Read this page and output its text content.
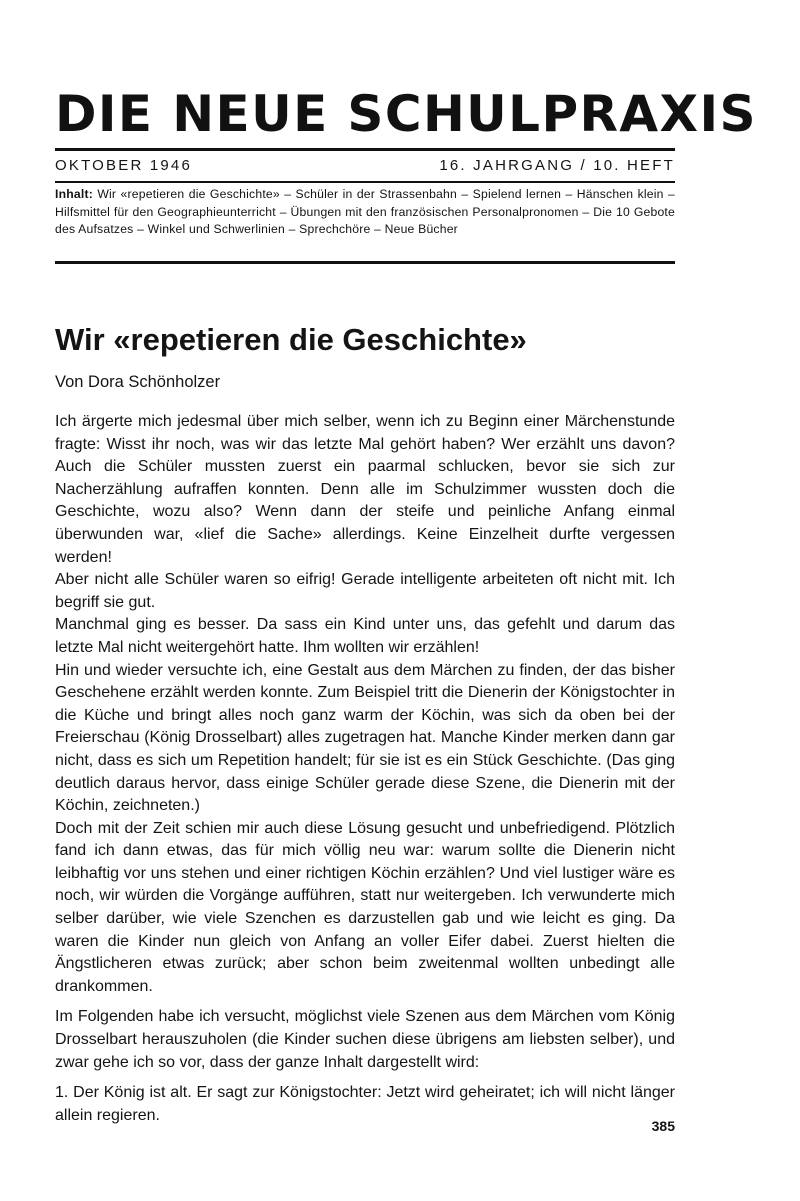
DIE NEUE SCHULPRAXIS
OKTOBER 1946	16. JAHRGANG / 10. HEFT
Inhalt: Wir «repetieren die Geschichte» – Schüler in der Strassenbahn – Spielend lernen – Hänschen klein – Hilfsmittel für den Geographieunterricht – Übungen mit den französischen Personalpronomen – Die 10 Gebote des Aufsatzes – Winkel und Schwerlinien – Sprechchöre – Neue Bücher
Wir «repetieren die Geschichte»
Von Dora Schönholzer

Ich ärgerte mich jedesmal über mich selber, wenn ich zu Beginn einer Märchenstunde fragte: Wisst ihr noch, was wir das letzte Mal gehört haben? Wer erzählt uns davon? Auch die Schüler mussten zuerst ein paarmal schlucken, bevor sie sich zur Nacherzählung aufraffen konnten. Denn alle im Schulzimmer wussten doch die Geschichte, wozu also? Wenn dann der steife und peinliche Anfang einmal überwunden war, «lief die Sache» allerdings. Keine Einzelheit durfte vergessen werden!

Aber nicht alle Schüler waren so eifrig! Gerade intelligente arbeiteten oft nicht mit. Ich begriff sie gut.

Manchmal ging es besser. Da sass ein Kind unter uns, das gefehlt und darum das letzte Mal nicht weitergehört hatte. Ihm wollten wir erzählen!

Hin und wieder versuchte ich, eine Gestalt aus dem Märchen zu finden, der das bisher Geschehene erzählt werden konnte. Zum Beispiel tritt die Dienerin der Königstochter in die Küche und bringt alles noch ganz warm der Köchin, was sich da oben bei der Freierschau (König Drosselbart) alles zugetragen hat. Manche Kinder merken dann gar nicht, dass es sich um Repetition handelt; für sie ist es ein Stück Geschichte. (Das ging deutlich daraus hervor, dass einige Schüler gerade diese Szene, die Dienerin mit der Köchin, zeichneten.)

Doch mit der Zeit schien mir auch diese Lösung gesucht und unbefriedigend. Plötzlich fand ich dann etwas, das für mich völlig neu war: warum sollte die Dienerin nicht leibhaftig vor uns stehen und einer richtigen Köchin erzählen? Und viel lustiger wäre es noch, wir würden die Vorgänge aufführen, statt nur weitergeben. Ich verwunderte mich selber darüber, wie viele Szenchen es darzustellen gab und wie leicht es ging. Da waren die Kinder nun gleich von Anfang an voller Eifer dabei. Zuerst hielten die Ängstlicheren etwas zurück; aber schon beim zweitenmal wollten unbedingt alle drankommen.

Im Folgenden habe ich versucht, möglichst viele Szenen aus dem Märchen vom König Drosselbart herauszuholen (die Kinder suchen diese übrigens am liebsten selber), und zwar gehe ich so vor, dass der ganze Inhalt dargestellt wird:

1. Der König ist alt. Er sagt zur Königstochter: Jetzt wird geheiratet; ich will nicht länger allein regieren.

385
